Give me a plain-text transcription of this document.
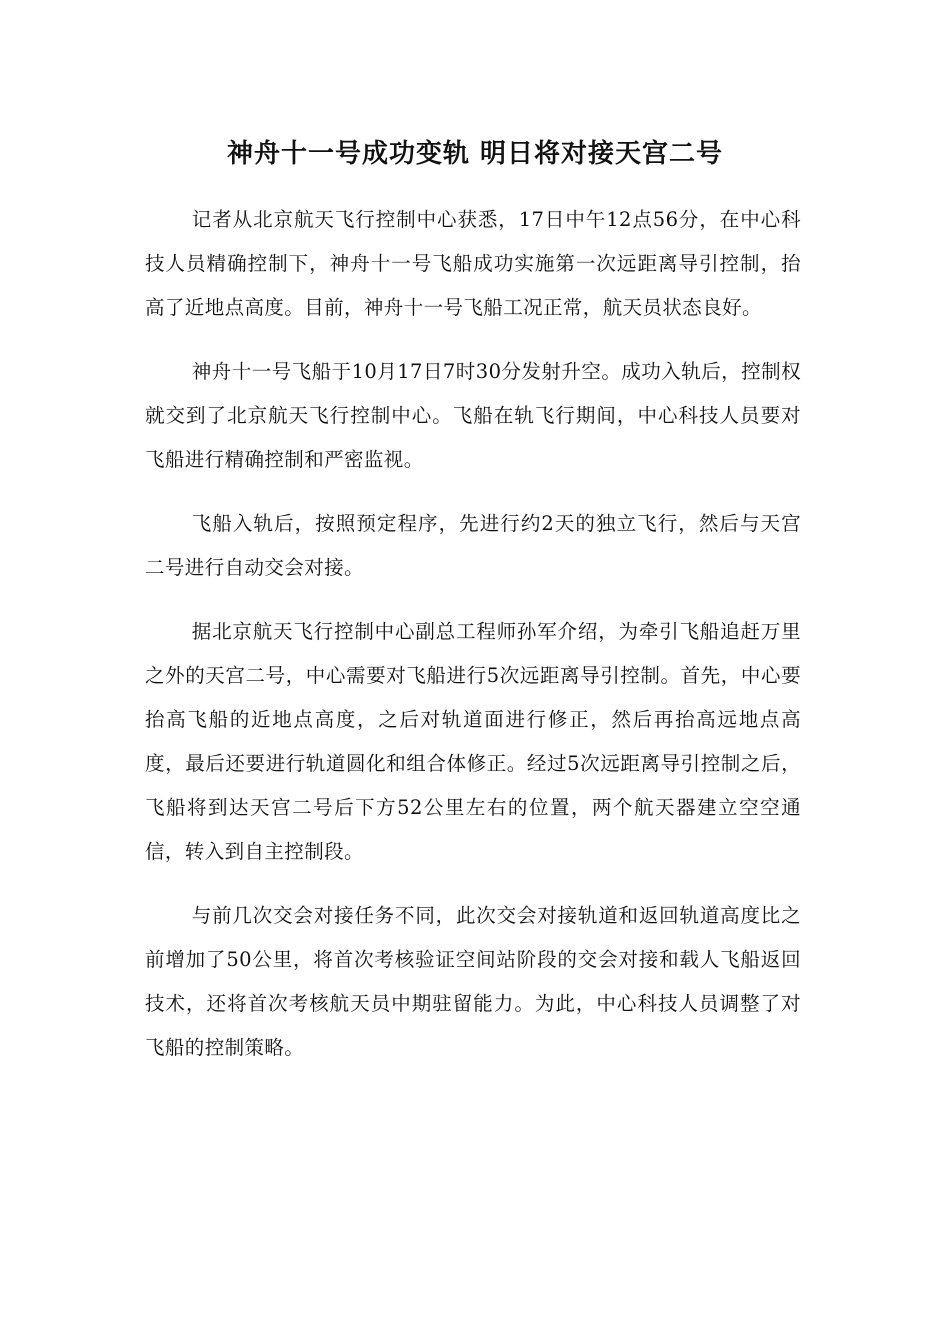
神舟十一号成功变轨 明日将对接天宫二号

记者从北京航天飞行控制中心获悉，17日中午12点56分，在中心科技人员精确控制下，神舟十一号飞船成功实施第一次远距离导引控制，抬高了近地点高度。目前，神舟十一号飞船工况正常，航天员状态良好。

神舟十一号飞船于10月17日7时30分发射升空。成功入轨后，控制权就交到了北京航天飞行控制中心。飞船在轨飞行期间，中心科技人员要对飞船进行精确控制和严密监视。

飞船入轨后，按照预定程序，先进行约2天的独立飞行，然后与天宫二号进行自动交会对接。

据北京航天飞行控制中心副总工程师孙军介绍，为牵引飞船追赶万里之外的天宫二号，中心需要对飞船进行5次远距离导引控制。首先，中心要抬高飞船的近地点高度，之后对轨道面进行修正，然后再抬高远地点高度，最后还要进行轨道圆化和组合体修正。经过5次远距离导引控制之后，飞船将到达天宫二号后下方52公里左右的位置，两个航天器建立空空通信，转入到自主控制段。

与前几次交会对接任务不同，此次交会对接轨道和返回轨道高度比之前增加了50公里，将首次考核验证空间站阶段的交会对接和载人飞船返回技术，还将首次考核航天员中期驻留能力。为此，中心科技人员调整了对飞船的控制策略。
